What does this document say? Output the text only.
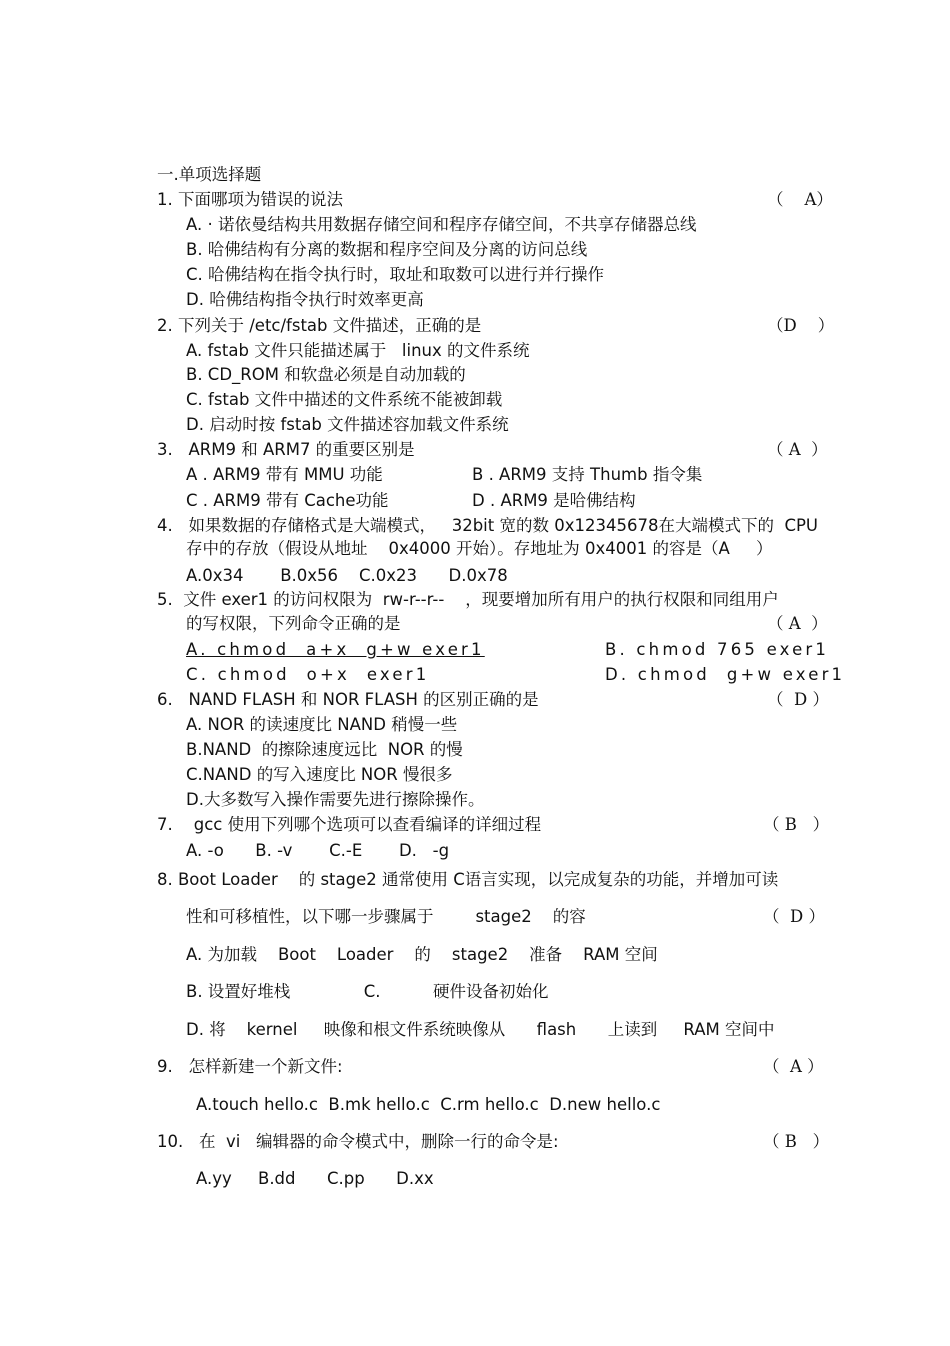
一.单项选择题
1. 下面哪项为错误的说法	（    A）
A. · 诺依曼结构共用数据存储空间和程序存储空间，不共享存储器总线
B. 哈佛结构有分离的数据和程序空间及分离的访问总线
C. 哈佛结构在指令执行时，取址和取数可以进行并行操作
D. 哈佛结构指令执行时效率更高
2. 下列关于 /etc/fstab 文件描述，正确的是	（D    ）
A. fstab 文件只能描述属于   linux 的文件系统
B. CD_ROM 和软盘必须是自动加载的
C. fstab 文件中描述的文件系统不能被卸载
D. 启动时按 fstab 文件描述容加载文件系统
3.   ARM9 和 ARM7 的重要区别是	（ A  ）
A . ARM9 带有 MMU 功能	B . ARM9 支持 Thumb 指令集
C . ARM9 带有 Cache功能	D . ARM9 是哈佛结构
4.   如果数据的存储格式是大端模式，   32bit 宽的数 0x12345678在大端模式下的  CPU
存中的存放（假设从地址    0x4000 开始）。存地址为 0x4001 的容是（A     ）
A.0x34       B.0x56    C.0x23      D.0x78
5.  文件 exer1 的访问权限为  rw-r--r--    ，现要增加所有用户的执行权限和同组用户
的写权限，下列命令正确的是	（ A  ）
A. chmod  a+x  g+w exer1	B. chmod 765 exer1
C. chmod  o+x  exer1	D. chmod  g+w exer1
6.   NAND FLASH 和 NOR FLASH 的区别正确的是	（  D ）
A. NOR 的读速度比 NAND 稍慢一些
B.NAND  的擦除速度远比  NOR 的慢
C.NAND 的写入速度比 NOR 慢很多
D.大多数写入操作需要先进行擦除操作。
7.    gcc 使用下列哪个选项可以查看编译的详细过程	（ B   ）
A. -o      B. -v       C.-E       D.   -g
8. Boot Loader    的 stage2 通常使用 C语言实现，以完成复杂的功能，并增加可读
性和可移植性，以下哪一步骤属于        stage2    的容	（  D ）
A. 为加载    Boot    Loader    的    stage2    准备    RAM 空间
B. 设置好堆栈              C.          硬件设备初始化
D. 将    kernel     映像和根文件系统映像从      flash      上读到     RAM 空间中
9.   怎样新建一个新文件:	（  A ）
A.touch hello.c  B.mk hello.c  C.rm hello.c  D.new hello.c
10.   在  vi   编辑器的命令模式中，删除一行的命令是:	（ B   ）
A.yy     B.dd      C.pp      D.xx
